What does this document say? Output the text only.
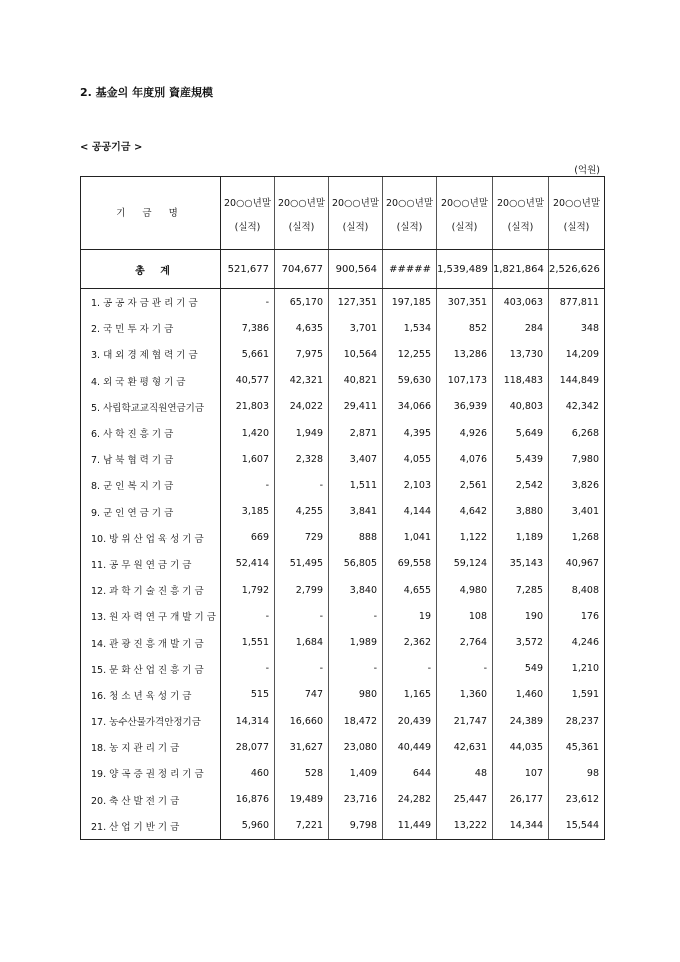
2. 基金의 年度別 資産規模
< 공공기금 >
(억원)
기 금 명	20○○년말	20○○년말	20○○년말	20○○년말	20○○년말	20○○년말	20○○년말
	(실적)	(실적)	(실적)	(실적)	(실적)	(실적)	(실적)
총 계	521,677	704,677	900,564	#####	1,539,489	1,821,864	2,526,626
1. 공 공 자 금 관 리 기 금	-	65,170	127,351	197,185	307,351	403,063	877,811
2. 국 민 투 자 기 금	7,386	4,635	3,701	1,534	852	284	348
3. 대 외 경 제 협 력 기 금	5,661	7,975	10,564	12,255	13,286	13,730	14,209
4. 외 국 환 평 형 기 금	40,577	42,321	40,821	59,630	107,173	118,483	144,849
5. 사립학교교직원연금기금	21,803	24,022	29,411	34,066	36,939	40,803	42,342
6. 사 학 진 흥 기 금	1,420	1,949	2,871	4,395	4,926	5,649	6,268
7. 남 북 협 력 기 금	1,607	2,328	3,407	4,055	4,076	5,439	7,980
8. 군 인 복 지 기 금	-	-	1,511	2,103	2,561	2,542	3,826
9. 군 인 연 금 기 금	3,185	4,255	3,841	4,144	4,642	3,880	3,401
10. 방 위 산 업 육 성 기 금	669	729	888	1,041	1,122	1,189	1,268
11. 공 무 원 연 금 기 금	52,414	51,495	56,805	69,558	59,124	35,143	40,967
12. 과 학 기 술 진 흥 기 금	1,792	2,799	3,840	4,655	4,980	7,285	8,408
13. 원 자 력 연 구 개 발 기 금	-	-	-	19	108	190	176
14. 관 광 진 흥 개 발 기 금	1,551	1,684	1,989	2,362	2,764	3,572	4,246
15. 문 화 산 업 진 흥 기 금	-	-	-	-	-	549	1,210
16. 청 소 년 육 성 기 금	515	747	980	1,165	1,360	1,460	1,591
17. 농수산물가격안정기금	14,314	16,660	18,472	20,439	21,747	24,389	28,237
18. 농 지 관 리 기 금	28,077	31,627	23,080	40,449	42,631	44,035	45,361
19. 양 곡 증 권 정 리 기 금	460	528	1,409	644	48	107	98
20. 축 산 발 전 기 금	16,876	19,489	23,716	24,282	25,447	26,177	23,612
21. 산 업 기 반 기 금	5,960	7,221	9,798	11,449	13,222	14,344	15,544
